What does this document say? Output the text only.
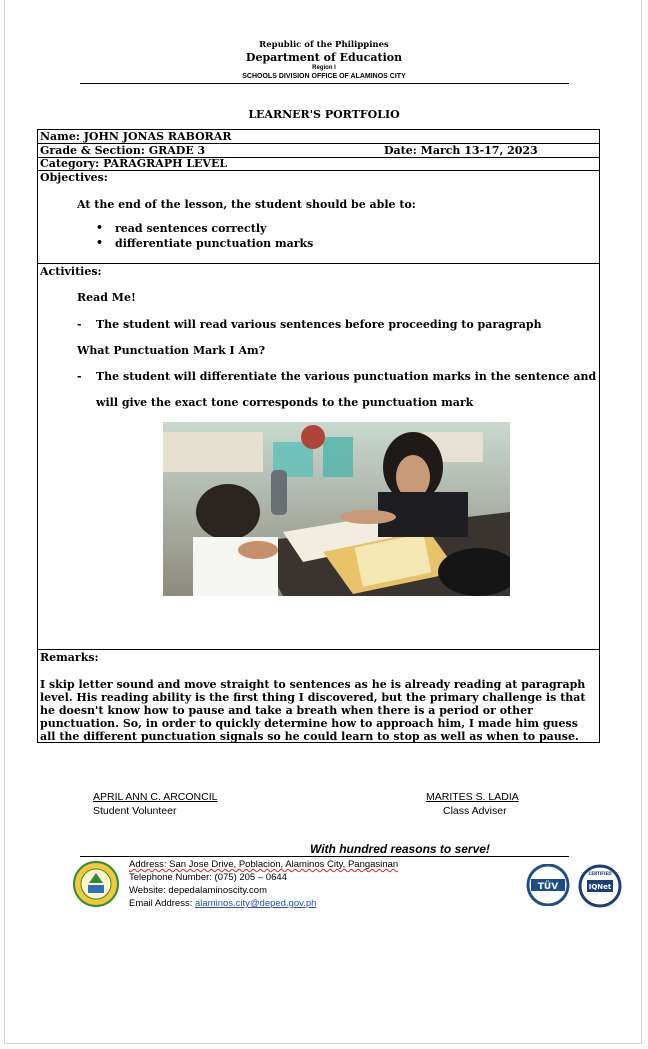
Republic of the Philippines
Department of Education
Region I
SCHOOLS DIVISION OFFICE OF ALAMINOS CITY
LEARNER'S PORTFOLIO
Name: JOHN JONAS RABORAR
Grade & Section: GRADE 3	Date: March 13-17, 2023
Category: PARAGRAPH LEVEL
Objectives:
At the end of the lesson, the student should be able to:
• read sentences correctly
• differentiate punctuation marks
Activities:
Read Me!
- The student will read various sentences before proceeding to paragraph
What Punctuation Mark I Am?
- The student will differentiate the various punctuation marks in the sentence and
will give the exact tone corresponds to the punctuation mark
Remarks:
I skip letter sound and move straight to sentences as he is already reading at paragraph level. His reading ability is the first thing I discovered, but the primary challenge is that he doesn't know how to pause and take a breath when there is a period or other punctuation. So, in order to quickly determine how to approach him, I made him guess all the different punctuation signals so he could learn to stop as well as when to pause.
APRIL ANN C. ARCONCIL
Student Volunteer
MARITES S. LADIA
Class Adviser
With hundred reasons to serve!
Address: San Jose Drive, Poblacion, Alaminos City, Pangasinan
Telephone Number: (075) 205 – 0644
Website: depedalaminoscity.com
Email Address: alaminos.city@deped.gov.ph
TÜV	IQNet
CERTIFIED
